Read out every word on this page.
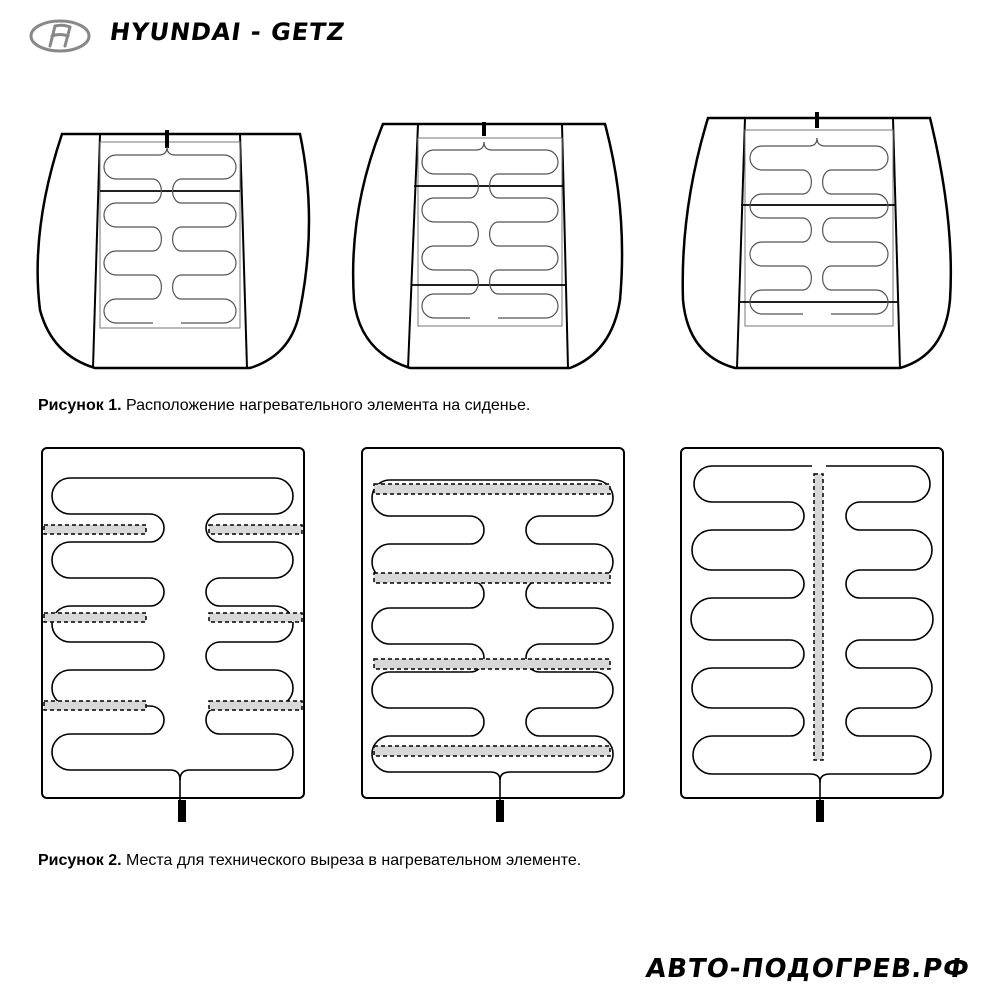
HYUNDAI - GETZ
Рисунок 1. Расположение нагревательного элемента на сиденье.
Рисунок 2. Места для технического выреза в нагревательном элементе.
АВТО-ПОДОГРЕВ.РФ
